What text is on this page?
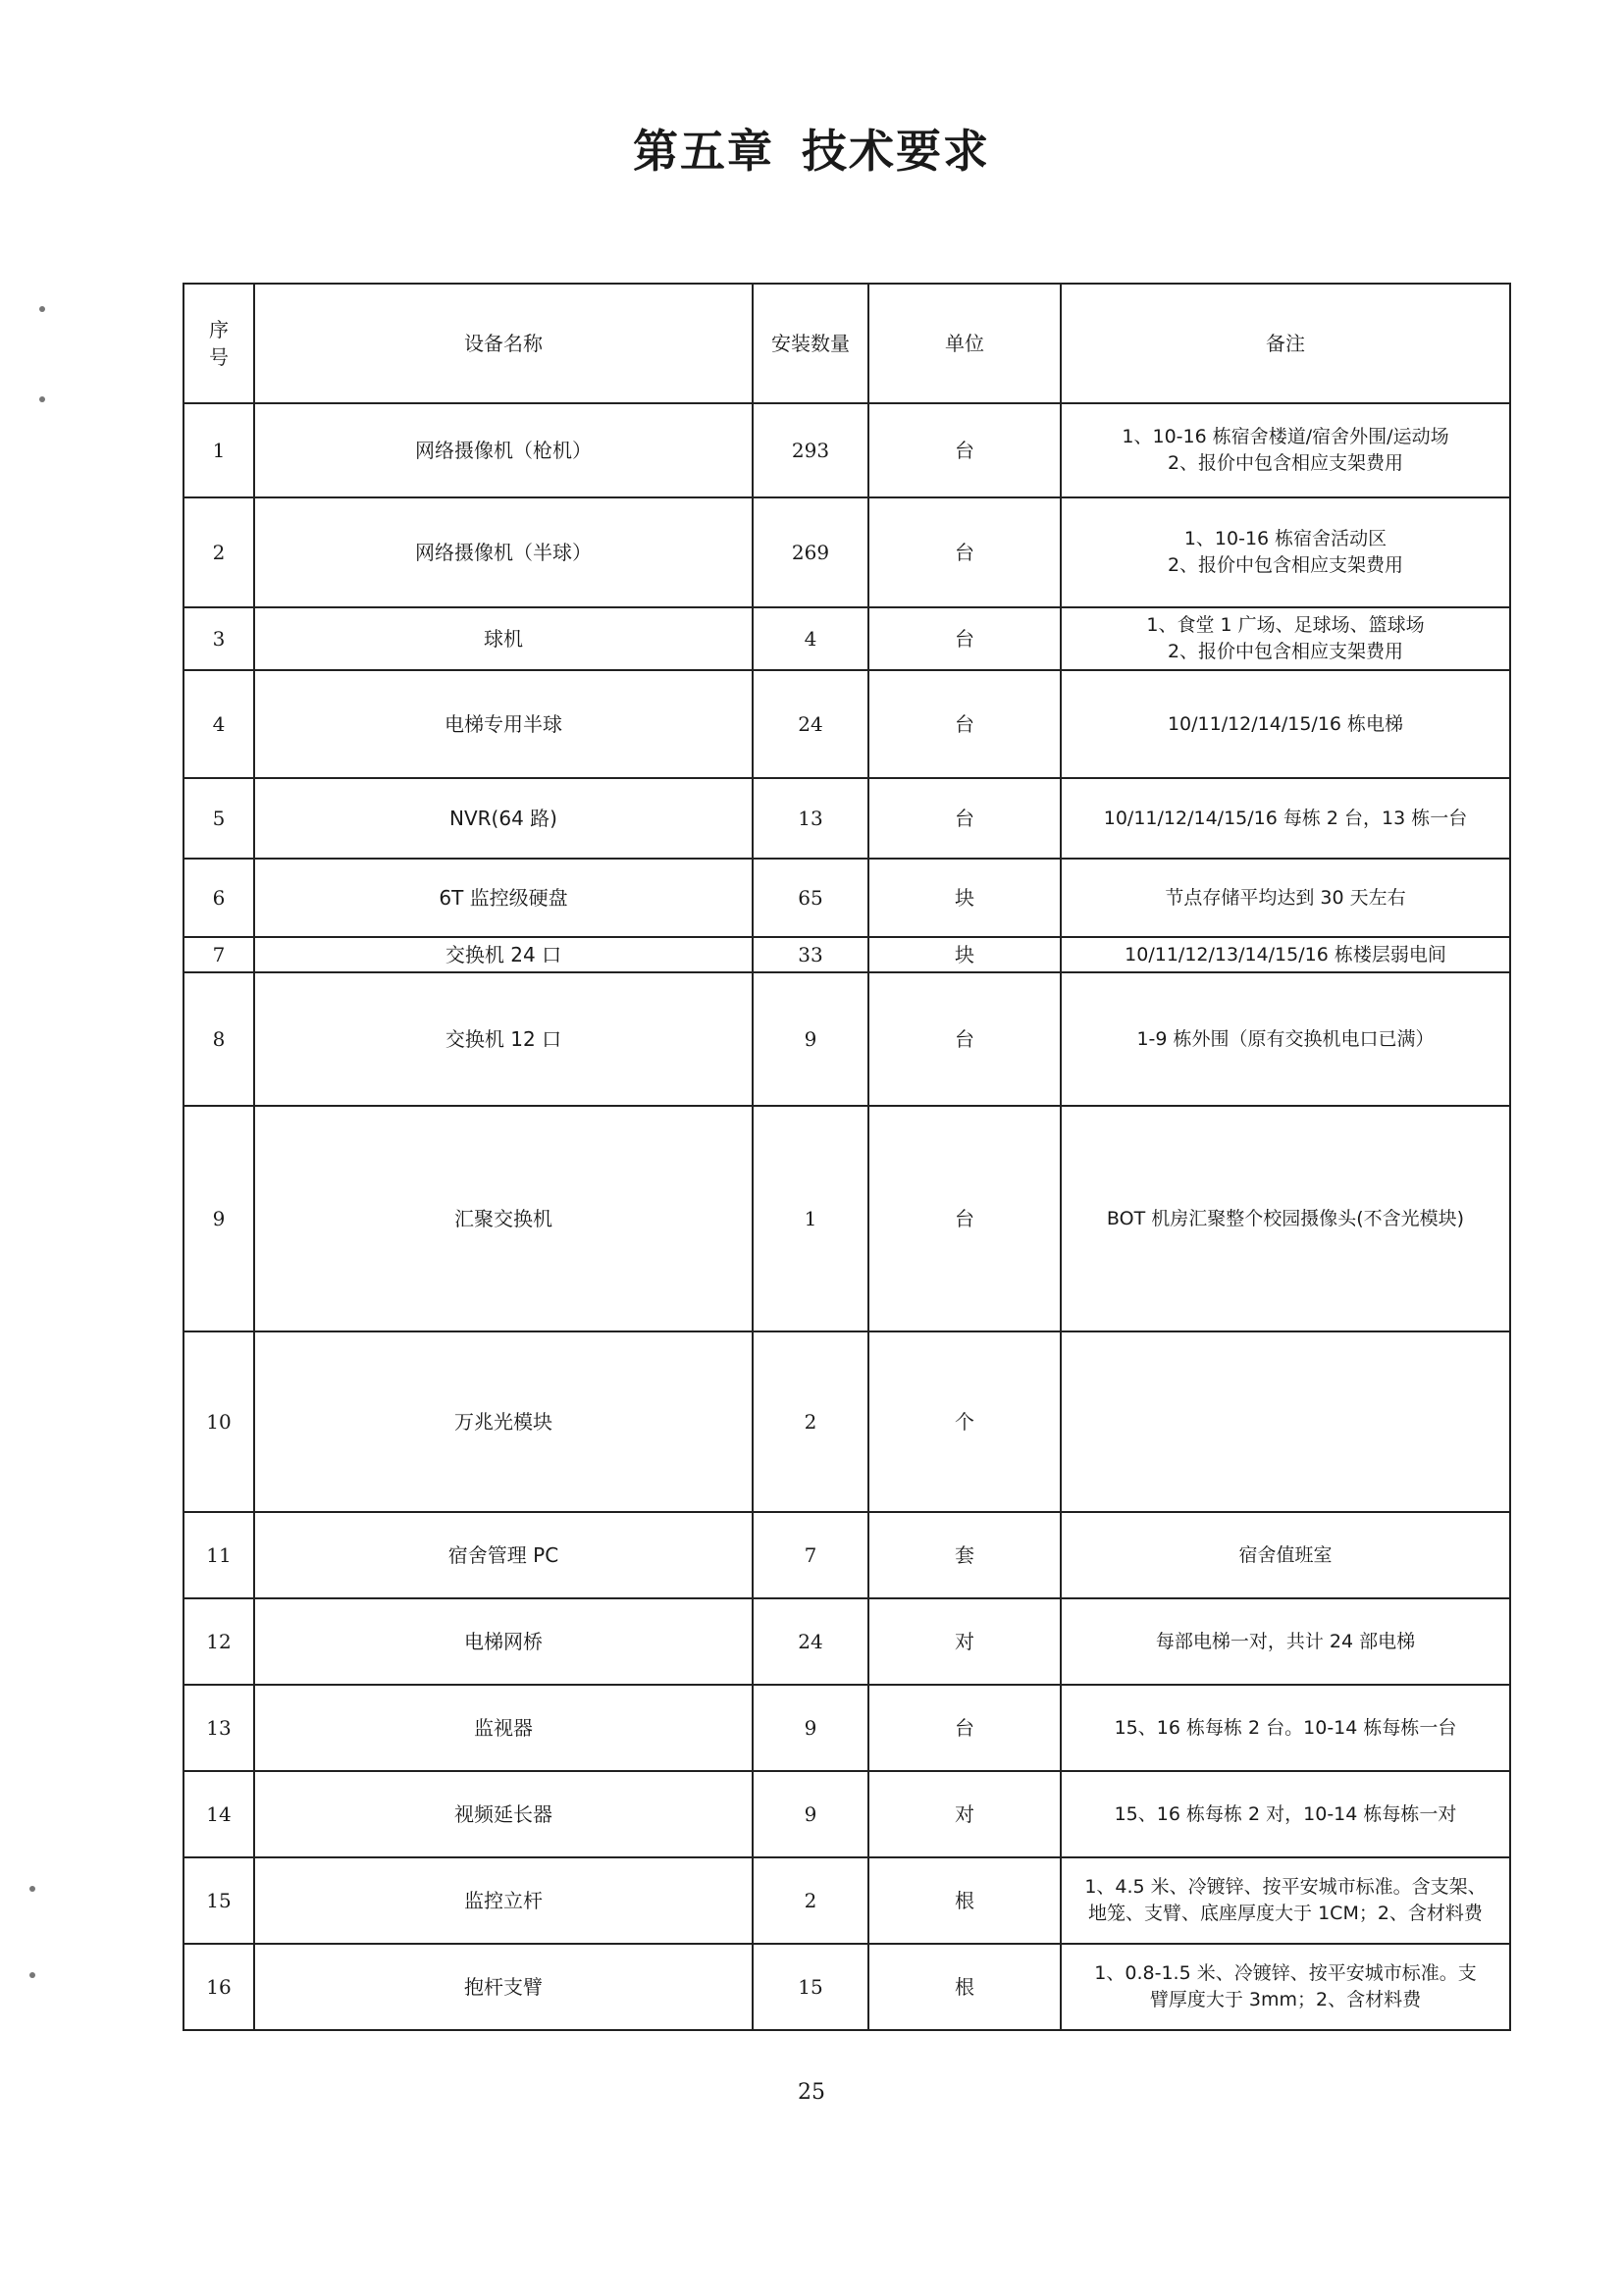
第五章 技术要求
序
号	设备名称	安装数量	单位	备注
1	网络摄像机（枪机）	293	台	1、10-16 栋宿舍楼道/宿舍外围/运动场
2、报价中包含相应支架费用

2	网络摄像机（半球）	269	台	1、10-16 栋宿舍活动区
2、报价中包含相应支架费用

3	球机	4	台	1、食堂 1 广场、足球场、篮球场
2、报价中包含相应支架费用

4	电梯专用半球	24	台	10/11/12/14/15/16 栋电梯

5	NVR(64 路)	13	台	10/11/12/14/15/16 每栋 2 台，13 栋一台

6	6T 监控级硬盘	65	块	节点存储平均达到 30 天左右

7	交换机 24 口	33	块	10/11/12/13/14/15/16 栋楼层弱电间

8	交换机 12 口	9	台	1-9 栋外围（原有交换机电口已满）

9	汇聚交换机	1	台	BOT 机房汇聚整个校园摄像头(不含光模块)

10	万兆光模块	2	个	
11	宿舍管理 PC	7	套	宿舍值班室

12	电梯网桥	24	对	每部电梯一对，共计 24 部电梯

13	监视器	9	台	15、16 栋每栋 2 台。10-14 栋每栋一台

14	视频延长器	9	对	15、16 栋每栋 2 对，10-14 栋每栋一对

15	监控立杆	2	根	1、4.5 米、冷镀锌、按平安城市标准。含支架、
地笼、支臂、底座厚度大于 1CM；2、含材料费

16	抱杆支臂	15	根	1、0.8-1.5 米、冷镀锌、按平安城市标准。支
臂厚度大于 3mm；2、含材料费
25
